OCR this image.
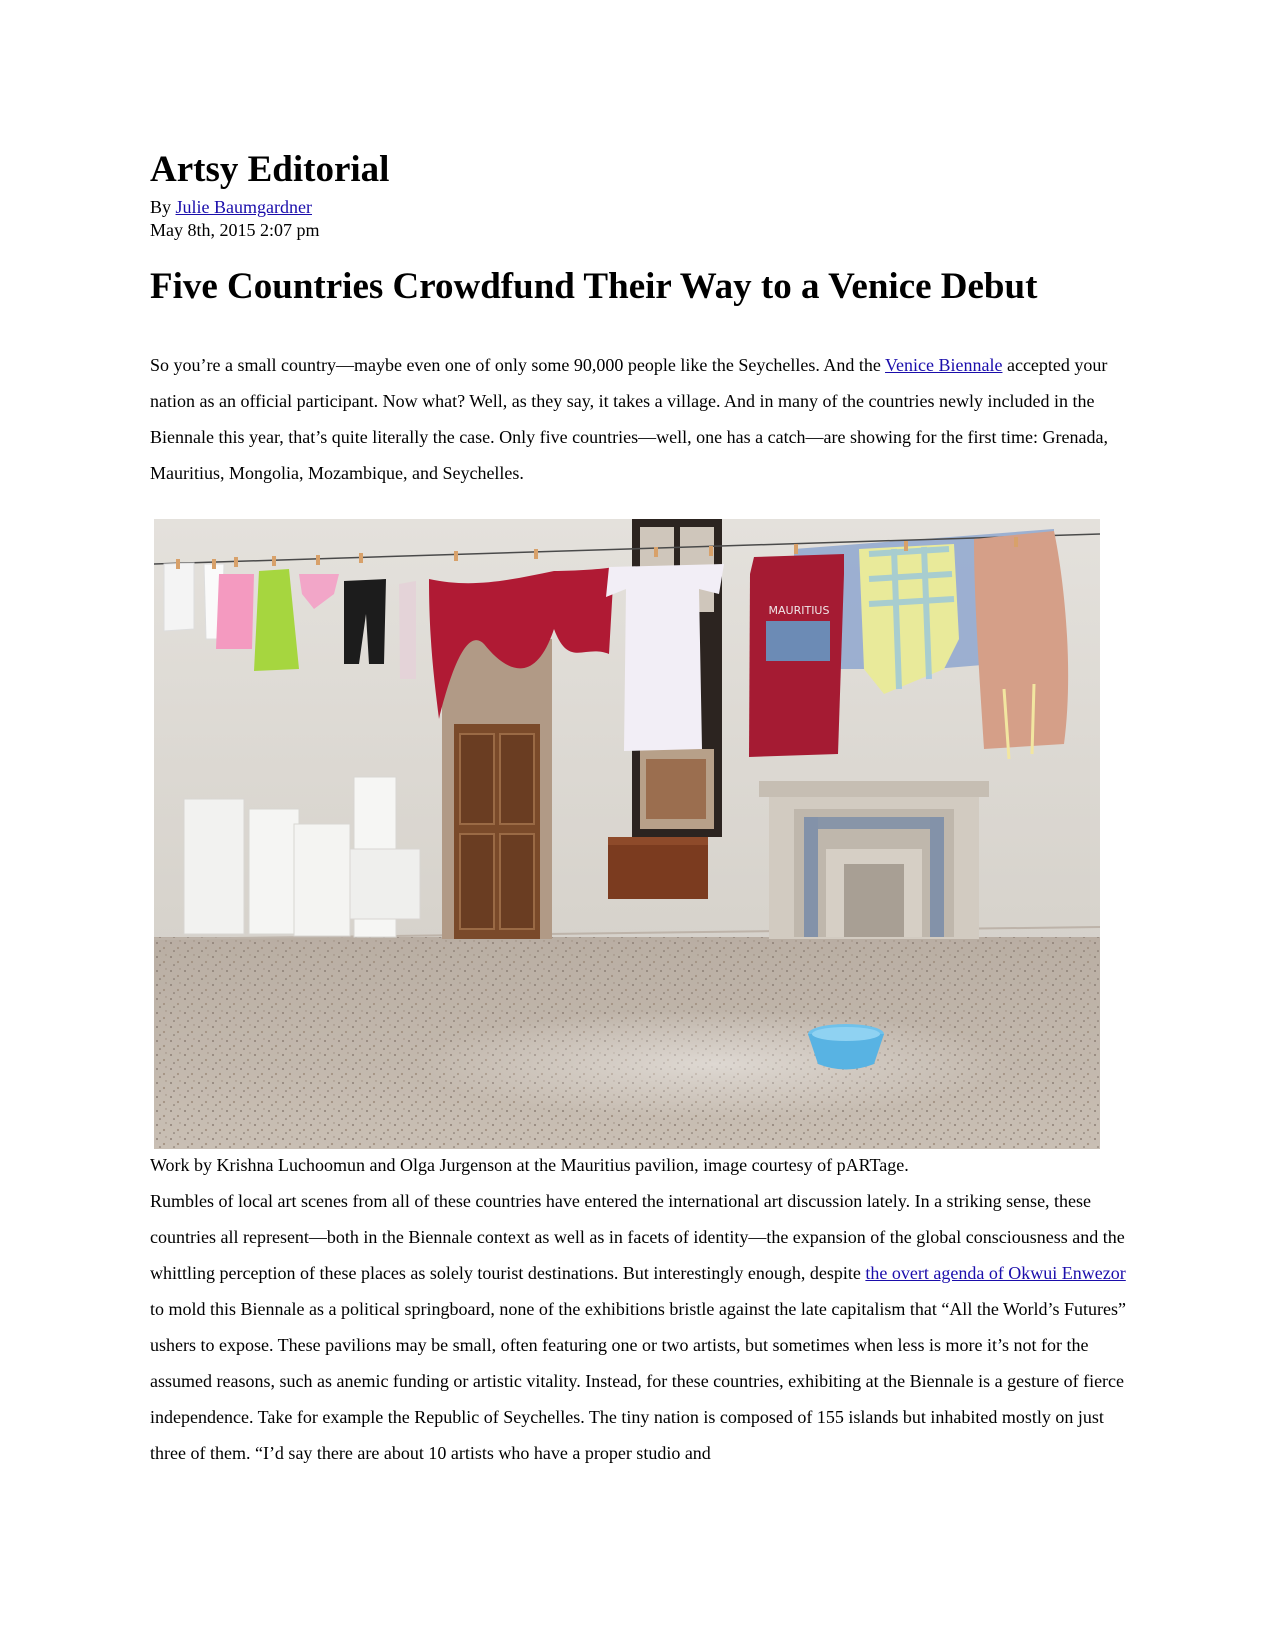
Artsy Editorial
By Julie Baumgardner
May 8th, 2015 2:07 pm
Five Countries Crowdfund Their Way to a Venice Debut

So you’re a small country—maybe even one of only some 90,000 people like the Seychelles. And the Venice Biennale accepted your nation as an official participant. Now what? Well, as they say, it takes a village. And in many of the countries newly included in the Biennale this year, that’s quite literally the case. Only five countries—well, one has a catch—are showing for the first time: Grenada, Mauritius, Mongolia, Mozambique, and Seychelles.

MAURITIUS
Work by Krishna Luchoomun and Olga Jurgenson at the Mauritius pavilion, image courtesy of pARTage.

Rumbles of local art scenes from all of these countries have entered the international art discussion lately. In a striking sense, these countries all represent—both in the Biennale context as well as in facets of identity—the expansion of the global consciousness and the whittling perception of these places as solely tourist destinations. But interestingly enough, despite the overt agenda of Okwui Enwezor to mold this Biennale as a political springboard, none of the exhibitions bristle against the late capitalism that “All the World’s Futures” ushers to expose. These pavilions may be small, often featuring one or two artists, but sometimes when less is more it’s not for the assumed reasons, such as anemic funding or artistic vitality. Instead, for these countries, exhibiting at the Biennale is a gesture of fierce independence. Take for example the Republic of Seychelles. The tiny nation is composed of 155 islands but inhabited mostly on just three of them. “I’d say there are about 10 artists who have a proper studio and
